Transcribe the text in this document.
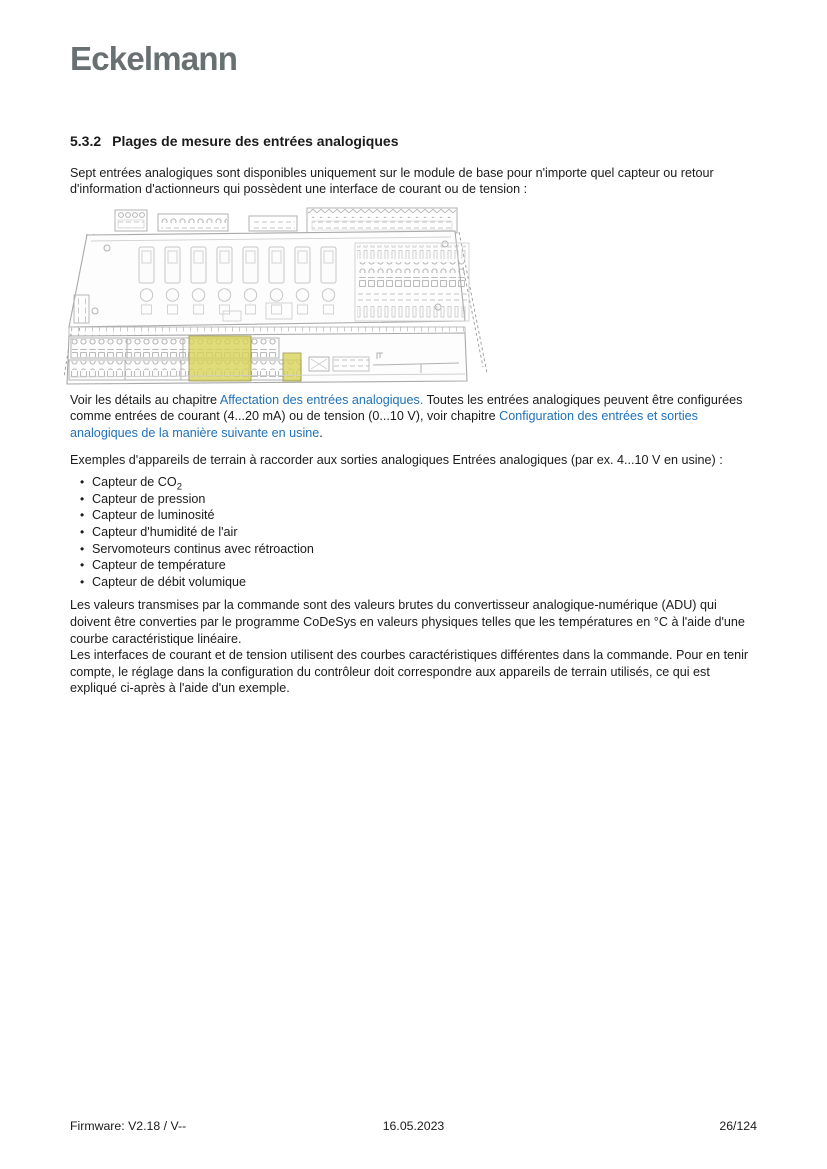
Eckelmann
5.3.2 Plages de mesure des entrées analogiques

Sept entrées analogiques sont disponibles uniquement sur le module de base pour n'importe quel capteur ou retour d'information d'actionneurs qui possèdent une interface de courant ou de tension :

Voir les détails au chapitre Affectation des entrées analogiques. Toutes les entrées analogiques peuvent être configurées comme entrées de courant (4...20 mA) ou de tension (0...10 V), voir chapitre Configuration des entrées et sorties analogiques de la manière suivante en usine.

Exemples d'appareils de terrain à raccorder aux sorties analogiques Entrées analogiques (par ex. 4...10 V en usine) :

• Capteur de $CO_2$
• Capteur de pression
• Capteur de luminosité
• Capteur d'humidité de l'air
• Servomoteurs continus avec rétroaction
• Capteur de température
• Capteur de débit volumique

Les valeurs transmises par la commande sont des valeurs brutes du convertisseur analogique-numérique (ADU) qui doivent être converties par le programme CoDeSys en valeurs physiques telles que les températures en °C à l'aide d'une courbe caractéristique linéaire.

Les interfaces de courant et de tension utilisent des courbes caractéristiques différentes dans la commande. Pour en tenir compte, le réglage dans la configuration du contrôleur doit correspondre aux appareils de terrain utilisés, ce qui est expliqué ci-après à l'aide d'un exemple.

Firmware: V2.18 / V--	16.05.2023	26/124
